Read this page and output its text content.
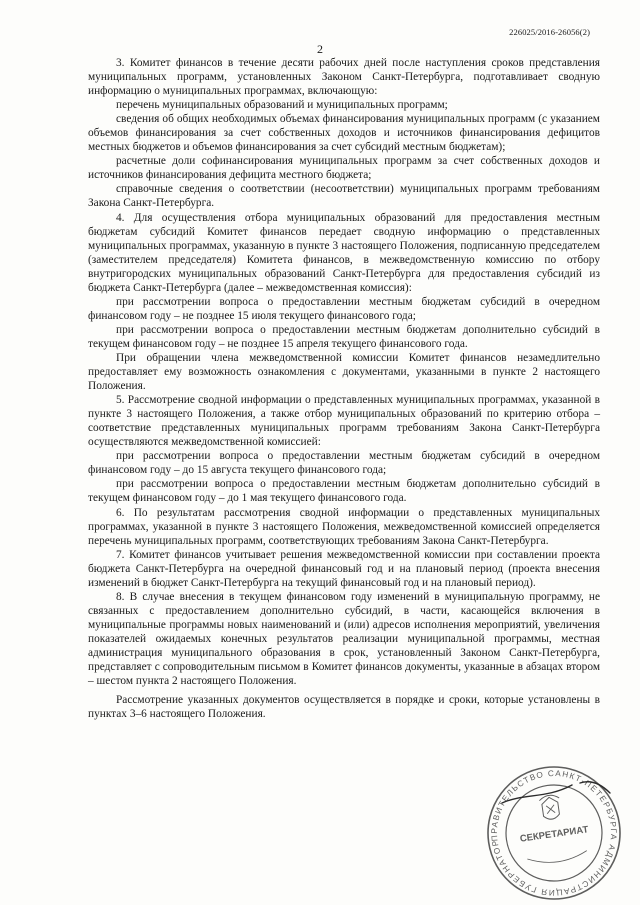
226025/2016-26056(2)
2

3. Комитет финансов в течение десяти рабочих дней после наступления сроков представления муниципальных программ, установленных Законом Санкт-Петербурга, подготавливает сводную информацию о муниципальных программах, включающую:

перечень муниципальных образований и муниципальных программ;

сведения об общих необходимых объемах финансирования муниципальных программ (с указанием объемов финансирования за счет собственных доходов и источников финансирования дефицитов местных бюджетов и объемов финансирования за счет субсидий местным бюджетам);

расчетные доли софинансирования муниципальных программ за счет собственных доходов и источников финансирования дефицита местного бюджета;

справочные сведения о соответствии (несоответствии) муниципальных программ требованиям Закона Санкт-Петербурга.

4. Для осуществления отбора муниципальных образований для предоставления местным бюджетам субсидий Комитет финансов передает сводную информацию о представленных муниципальных программах, указанную в пункте 3 настоящего Положения, подписанную председателем (заместителем председателя) Комитета финансов, в межведомственную комиссию по отбору внутригородских муниципальных образований Санкт-Петербурга для предоставления субсидий из бюджета Санкт-Петербурга (далее – межведомственная комиссия):

при рассмотрении вопроса о предоставлении местным бюджетам субсидий в очередном финансовом году – не позднее 15 июля текущего финансового года;

при рассмотрении вопроса о предоставлении местным бюджетам дополнительно субсидий в текущем финансовом году – не позднее 15 апреля текущего финансового года.

При обращении члена межведомственной комиссии Комитет финансов незамедлительно предоставляет ему возможность ознакомления с документами, указанными в пункте 2 настоящего Положения.

5. Рассмотрение сводной информации о представленных муниципальных программах, указанной в пункте 3 настоящего Положения, а также отбор муниципальных образований по критерию отбора – соответствие представленных муниципальных программ требованиям Закона Санкт-Петербурга осуществляются межведомственной комиссией:

при рассмотрении вопроса о предоставлении местным бюджетам субсидий в очередном финансовом году – до 15 августа текущего финансового года;

при рассмотрении вопроса о предоставлении местным бюджетам дополнительно субсидий в текущем финансовом году – до 1 мая текущего финансового года.

6. По результатам рассмотрения сводной информации о представленных муниципальных программах, указанной в пункте 3 настоящего Положения, межведомственной комиссией определяется перечень муниципальных программ, соответствующих требованиям Закона Санкт-Петербурга.

7. Комитет финансов учитывает решения межведомственной комиссии при составлении проекта бюджета Санкт-Петербурга на очередной финансовый год и на плановый период (проекта внесения изменений в бюджет Санкт-Петербурга на текущий финансовый год и на плановый период).

8. В случае внесения в текущем финансовом году изменений в муниципальную программу, не связанных с предоставлением дополнительно субсидий, в части, касающейся включения в муниципальные программы новых наименований и (или) адресов исполнения мероприятий, увеличения показателей ожидаемых конечных результатов реализации муниципальной программы, местная администрация муниципального образования в срок, установленный Законом Санкт-Петербурга, представляет с сопроводительным письмом в Комитет финансов документы, указанные в абзацах втором – шестом пункта 2 настоящего Положения.

Рассмотрение указанных документов осуществляется в порядке и сроки, которые установлены в пунктах 3–6 настоящего Положения.

ПРАВИТЕЛЬСТВО САНКТ-ПЕТЕРБУРГА АДМИНИСТРАЦИЯ ГУБЕРНАТОРА
СЕКРЕТАРИАТ
